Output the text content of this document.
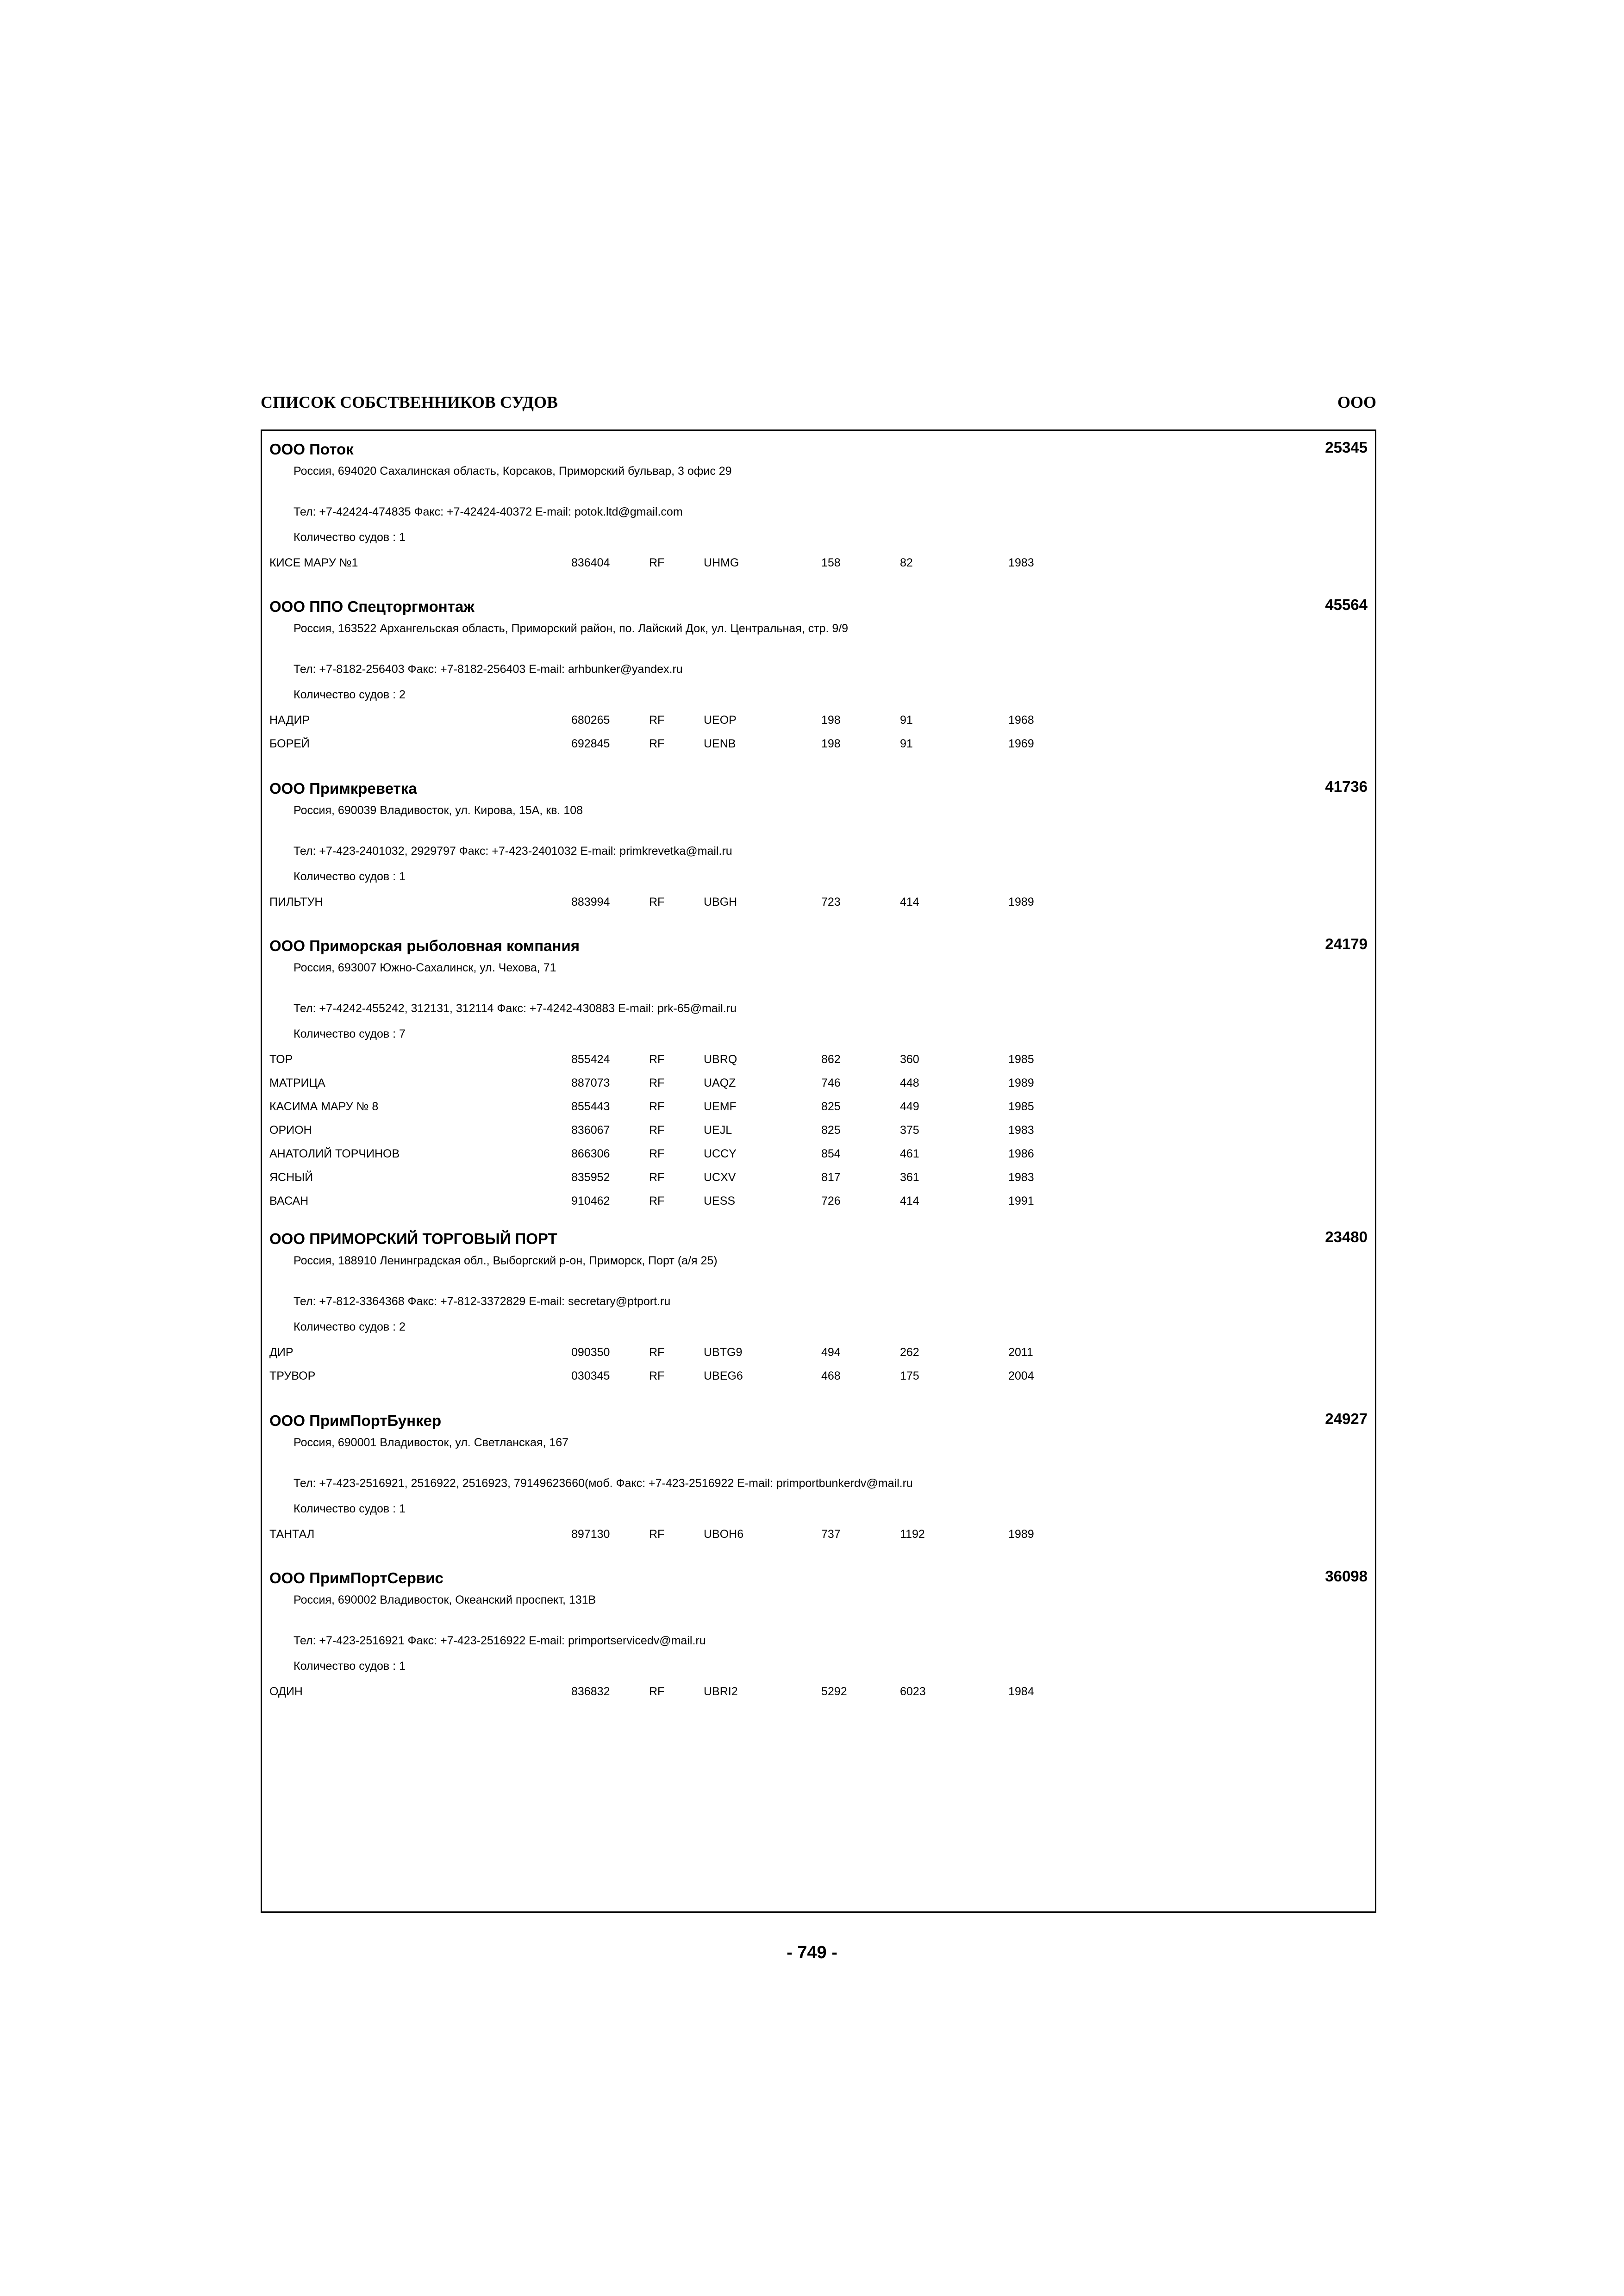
СПИСОК СОБСТВЕННИКОВ СУДОВ	ООО
ООО Поток	25345
Россия, 694020 Сахалинская область, Корсаков, Приморский бульвар, 3 офис 29
Тел: +7-42424-474835 Факс: +7-42424-40372 E-mail: potok.ltd@gmail.com
Количество судов : 1
КИСЕ МАРУ №1	836404	RF	UHMG	158	82	1983
ООО ППО Спецторгмонтаж	45564
Россия, 163522 Архангельская область, Приморский район, по. Лайский Док, ул. Центральная, стр. 9/9
Тел: +7-8182-256403 Факс: +7-8182-256403 E-mail: arhbunker@yandex.ru
Количество судов : 2
НАДИР	680265	RF	UEOP	198	91	1968
БОРЕЙ	692845	RF	UENB	198	91	1969
ООО Примкреветка	41736
Россия, 690039 Владивосток, ул. Кирова, 15А, кв. 108
Тел: +7-423-2401032, 2929797 Факс: +7-423-2401032 E-mail: primkrevetka@mail.ru
Количество судов : 1
ПИЛЬТУН	883994	RF	UBGH	723	414	1989
ООО Приморская рыболовная компания	24179
Россия, 693007 Южно-Сахалинск, ул. Чехова, 71
Тел: +7-4242-455242, 312131, 312114 Факс: +7-4242-430883 E-mail: prk-65@mail.ru
Количество судов : 7
ТОР	855424	RF	UBRQ	862	360	1985
МАТРИЦА	887073	RF	UAQZ	746	448	1989
КАСИМА МАРУ № 8	855443	RF	UEMF	825	449	1985
ОРИОН	836067	RF	UEJL	825	375	1983
АНАТОЛИЙ ТОРЧИНОВ	866306	RF	UCCY	854	461	1986
ЯСНЫЙ	835952	RF	UCXV	817	361	1983
ВАСАН	910462	RF	UESS	726	414	1991
ООО ПРИМОРСКИЙ ТОРГОВЫЙ ПОРТ	23480
Россия, 188910 Ленинградская обл., Выборгский р-он, Приморск, Порт (а/я 25)
Тел: +7-812-3364368 Факс: +7-812-3372829 E-mail: secretary@ptport.ru
Количество судов : 2
ДИР	090350	RF	UBTG9	494	262	2011
ТРУВОР	030345	RF	UBEG6	468	175	2004
ООО ПримПортБункер	24927
Россия, 690001 Владивосток, ул. Светланская, 167
Тел: +7-423-2516921, 2516922, 2516923, 79149623660(моб. Факс: +7-423-2516922 E-mail: primportbunkerdv@mail.ru
Количество судов : 1
ТАНТАЛ	897130	RF	UBOH6	737	1192	1989
ООО ПримПортСервис	36098
Россия, 690002 Владивосток, Океанский проспект, 131В
Тел: +7-423-2516921 Факс: +7-423-2516922 E-mail: primportservicedv@mail.ru
Количество судов : 1
ОДИН	836832	RF	UBRI2	5292	6023	1984
- 749 -
